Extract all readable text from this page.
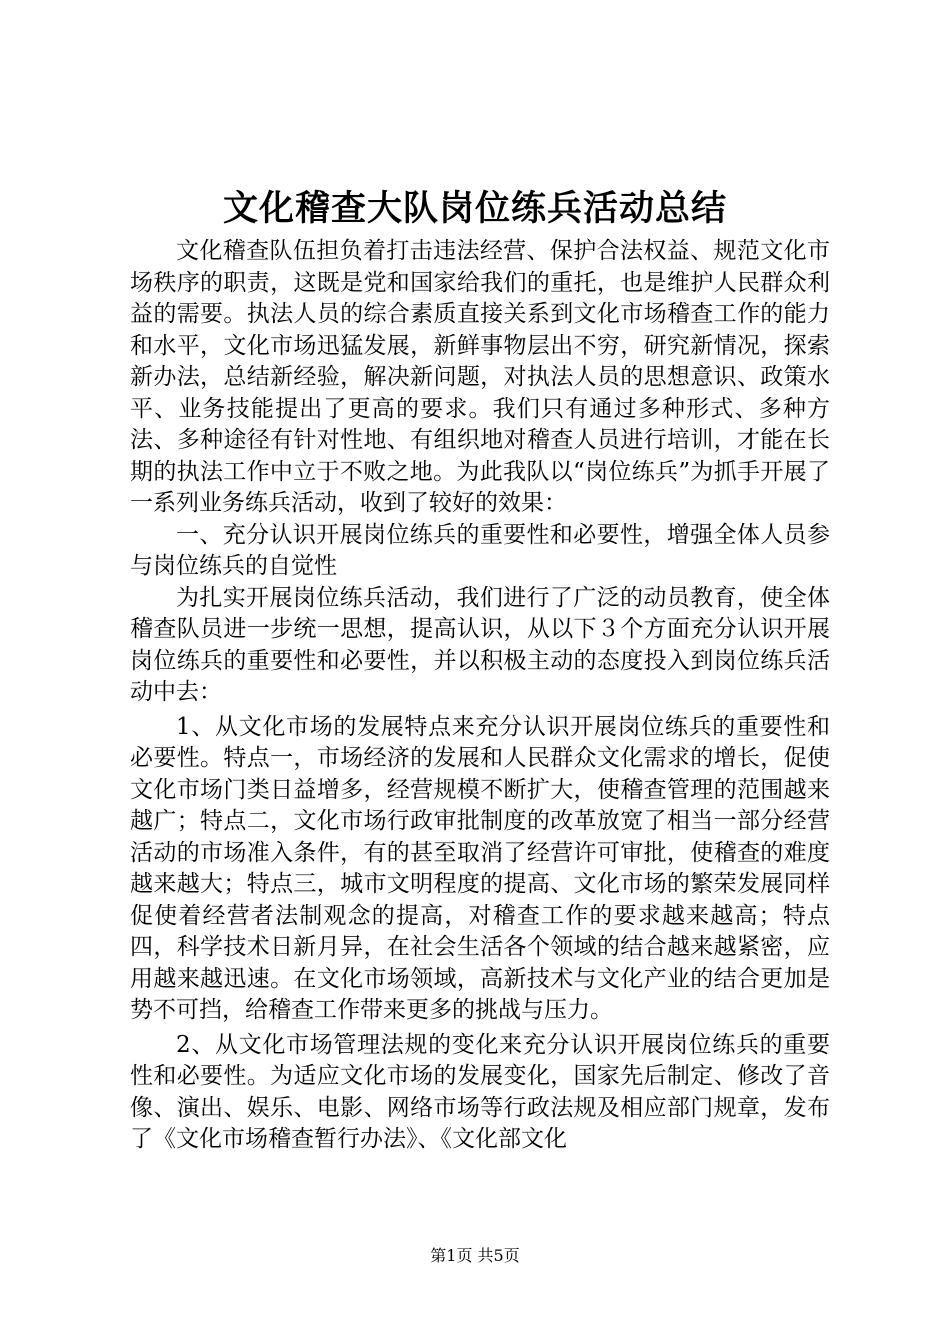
文化稽查大队岗位练兵活动总结

文化稽查队伍担负着打击违法经营、保护合法权益、规范文化市场秩序的职责，这既是党和国家给我们的重托，也是维护人民群众利益的需要。执法人员的综合素质直接关系到文化市场稽查工作的能力和水平，文化市场迅猛发展，新鲜事物层出不穷，研究新情况，探索新办法，总结新经验，解决新问题，对执法人员的思想意识、政策水平、业务技能提出了更高的要求。我们只有通过多种形式、多种方法、多种途径有针对性地、有组织地对稽查人员进行培训，才能在长期的执法工作中立于不败之地。为此我队以“岗位练兵”为抓手开展了一系列业务练兵活动，收到了较好的效果：

一、充分认识开展岗位练兵的重要性和必要性，增强全体人员参与岗位练兵的自觉性

为扎实开展岗位练兵活动，我们进行了广泛的动员教育，使全体稽查队员进一步统一思想，提高认识，从以下３个方面充分认识开展岗位练兵的重要性和必要性，并以积极主动的态度投入到岗位练兵活动中去：

1、从文化市场的发展特点来充分认识开展岗位练兵的重要性和必要性。特点一，市场经济的发展和人民群众文化需求的增长，促使文化市场门类日益增多，经营规模不断扩大，使稽查管理的范围越来越广；特点二，文化市场行政审批制度的改革放宽了相当一部分经营活动的市场准入条件，有的甚至取消了经营许可审批，使稽查的难度越来越大；特点三，城市文明程度的提高、文化市场的繁荣发展同样促使着经营者法制观念的提高，对稽查工作的要求越来越高；特点四，科学技术日新月异，在社会生活各个领域的结合越来越紧密，应用越来越迅速。在文化市场领域，高新技术与文化产业的结合更加是势不可挡，给稽查工作带来更多的挑战与压力。

2、从文化市场管理法规的变化来充分认识开展岗位练兵的重要性和必要性。为适应文化市场的发展变化，国家先后制定、修改了音像、演出、娱乐、电影、网络市场等行政法规及相应部门规章，发布了《文化市场稽查暂行办法》、《文化部文化

第1页 共5页
